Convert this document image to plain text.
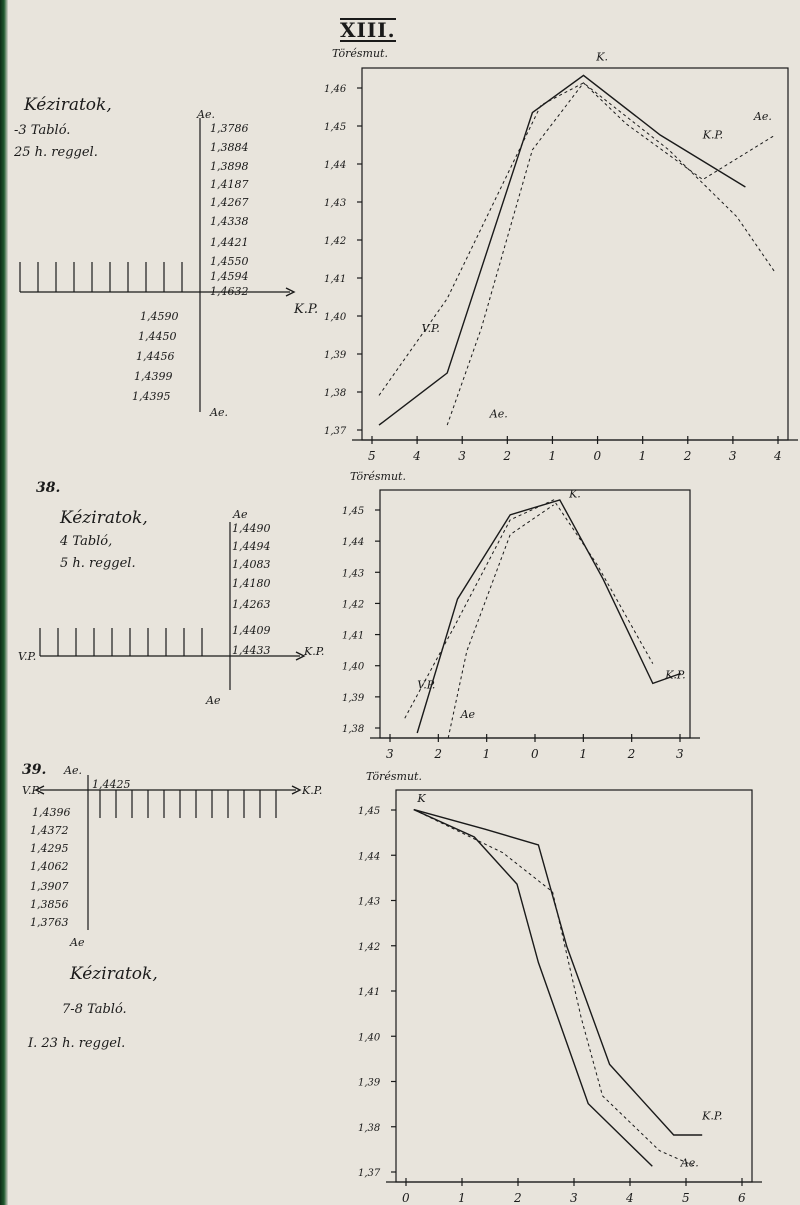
XIII.
Kéziratok,
-3 Tabló.
25 h. reggel.
Ae.
1,3786
1,3884
1,3898
1,4187
1,4267
1,4338
1,4421
1,4550
1,4594
1,4632
K.P.
1,4590
1,4450
1,4456
1,4399
1,4395
Ae.
38.
Kéziratok,
4 Tabló,
5 h. reggel.
Ae
1,4490
1,4494
1,4083
1,4180
1,4263
1,4409
1,4433
V.P.	K.P.
Ae
39. Ae.
V.P.	1,4425	K.P.
1,4396
1,4372
1,4295
1,4062
1,3907
1,3856
1,3763
Ae
Kéziratok,
7-8 Tabló.
I. 23 h. reggel.
Törésmut.
1,46
1,45
1,44
1,43
1,42
1,41
1,40
1,39
1,38
1,37
5	4	3	2	1	0	1	2	3	4
K.
K.P.
V.P.
Ae.
Ae.
Törésmut.
1,45
1,44
1,43
1,42
1,41
1,40
1,39
1,38
3	2	1	0	1	2	3
K.
K.P.
V.P.
Ae
Törésmut.
1,45
1,44
1,43
1,42
1,41
1,40
1,39
1,38
1,37
0	1	2	3	4	5	6
K
K.P.
Ae.
